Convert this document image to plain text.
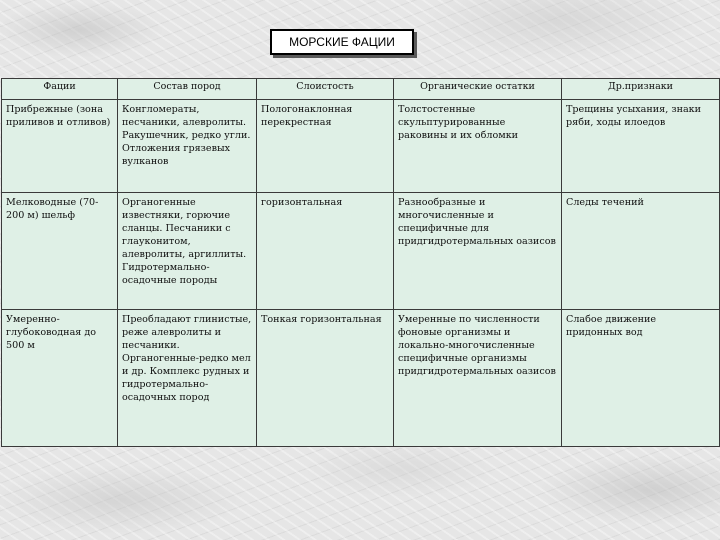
МОРСКИЕ ФАЦИИ
Фации	Состав пород	Слоистость	Органические остатки	Др.признаки
Прибрежные (зона приливов и отливов)	Конгломераты, песчаники, алевролиты. Ракушечник, редко угли. Отложения грязевых вулканов	Пологонаклонная перекрестная	Толстостенные скульптурированные раковины и их обломки	Трещины усыхания, знаки ряби, ходы илоедов
Мелководные (70-200 м) шельф	Органогенные известняки, горючие сланцы. Песчаники с глауконитом, алевролиты, аргиллиты. Гидротермально-осадочные породы	горизонтальная	Разнообразные и многочисленные и специфичные для придгидротермальных оазисов	Следы течений
Умеренно-глубоководная до 500 м	Преобладают глинистые, реже алевролиты и песчаники. Органогенные-редко мел и др. Комплекс рудных и гидротермально-осадочных пород	Тонкая горизонтальная	Умеренные по численности фоновые организмы и локально-многочисленные специфичные организмы придгидротермальных оазисов	Слабое движение придонных вод
